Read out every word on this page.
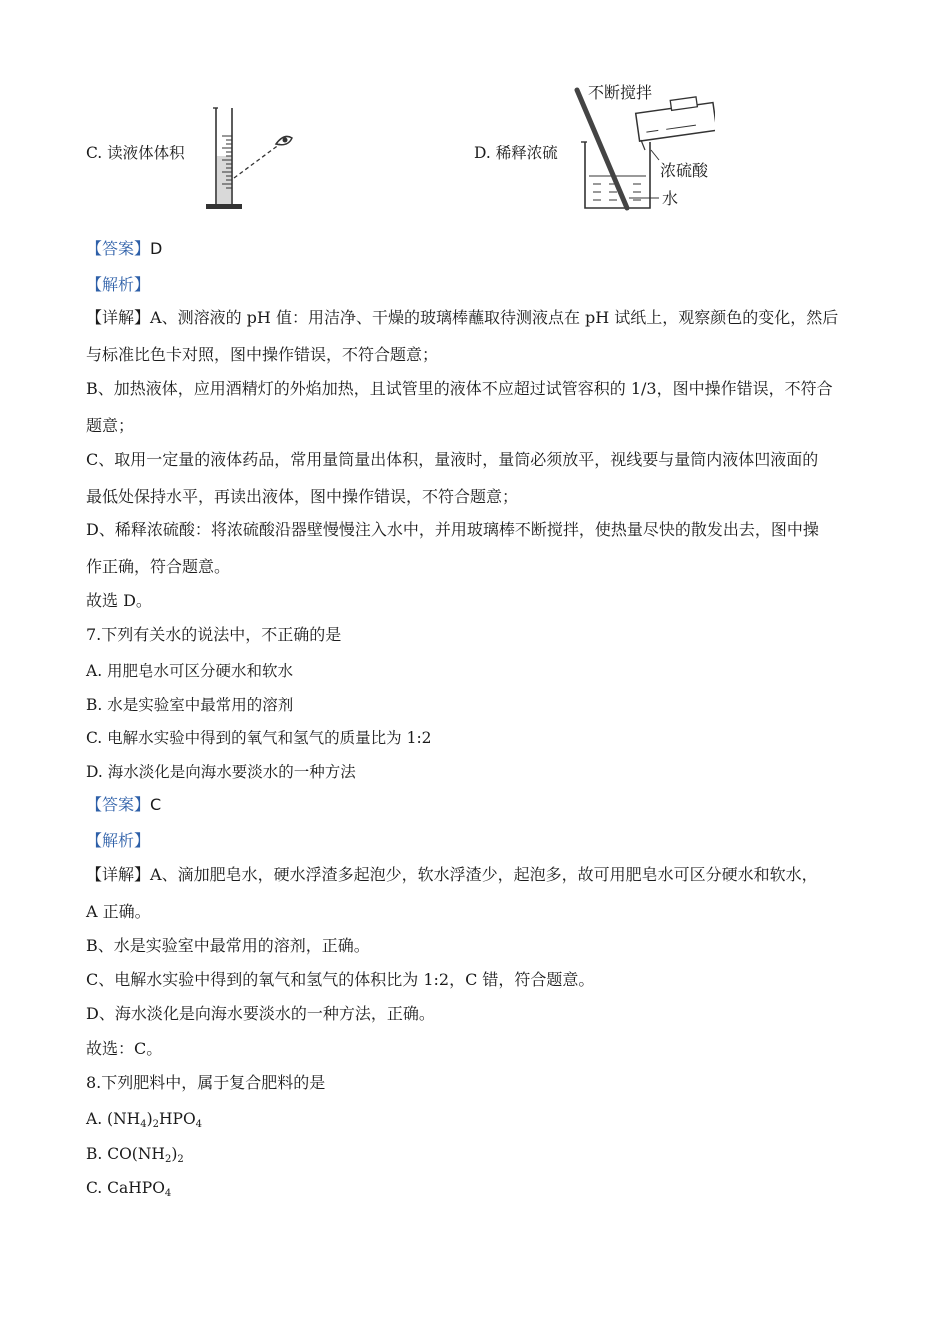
C. 读液体体积	D. 稀释浓硫
不断搅拌
浓硫酸
水
【答案】D
【解析】
【详解】A、测溶液的 pH 值：用洁净、干燥的玻璃棒蘸取待测液点在 pH 试纸上，观察颜色的变化，然后
与标准比色卡对照，图中操作错误，不符合题意；
B、加热液体，应用酒精灯的外焰加热，且试管里的液体不应超过试管容积的 1/3，图中操作错误，不符合
题意；
C、取用一定量的液体药品，常用量筒量出体积，量液时，量筒必须放平，视线要与量筒内液体凹液面的
最低处保持水平，再读出液体，图中操作错误，不符合题意；
D、稀释浓硫酸：将浓硫酸沿器壁慢慢注入水中，并用玻璃棒不断搅拌，使热量尽快的散发出去，图中操
作正确，符合题意。
故选 D。
7.下列有关水的说法中，不正确的是
A. 用肥皂水可区分硬水和软水
B. 水是实验室中最常用的溶剂
C. 电解水实验中得到的氧气和氢气的质量比为 1:2
D. 海水淡化是向海水要淡水的一种方法
【答案】C
【解析】
【详解】A、滴加肥皂水，硬水浮渣多起泡少，软水浮渣少，起泡多，故可用肥皂水可区分硬水和软水，
A 正确。
B、水是实验室中最常用的溶剂，正确。
C、电解水实验中得到的氧气和氢气的体积比为 1:2，C 错，符合题意。
D、海水淡化是向海水要淡水的一种方法，正确。
故选：C。
8.下列肥料中，属于复合肥料的是
A. $(NH_4)_2HPO_4$
B. $CO(NH_2)_2$
C. CaHPO$_4$
